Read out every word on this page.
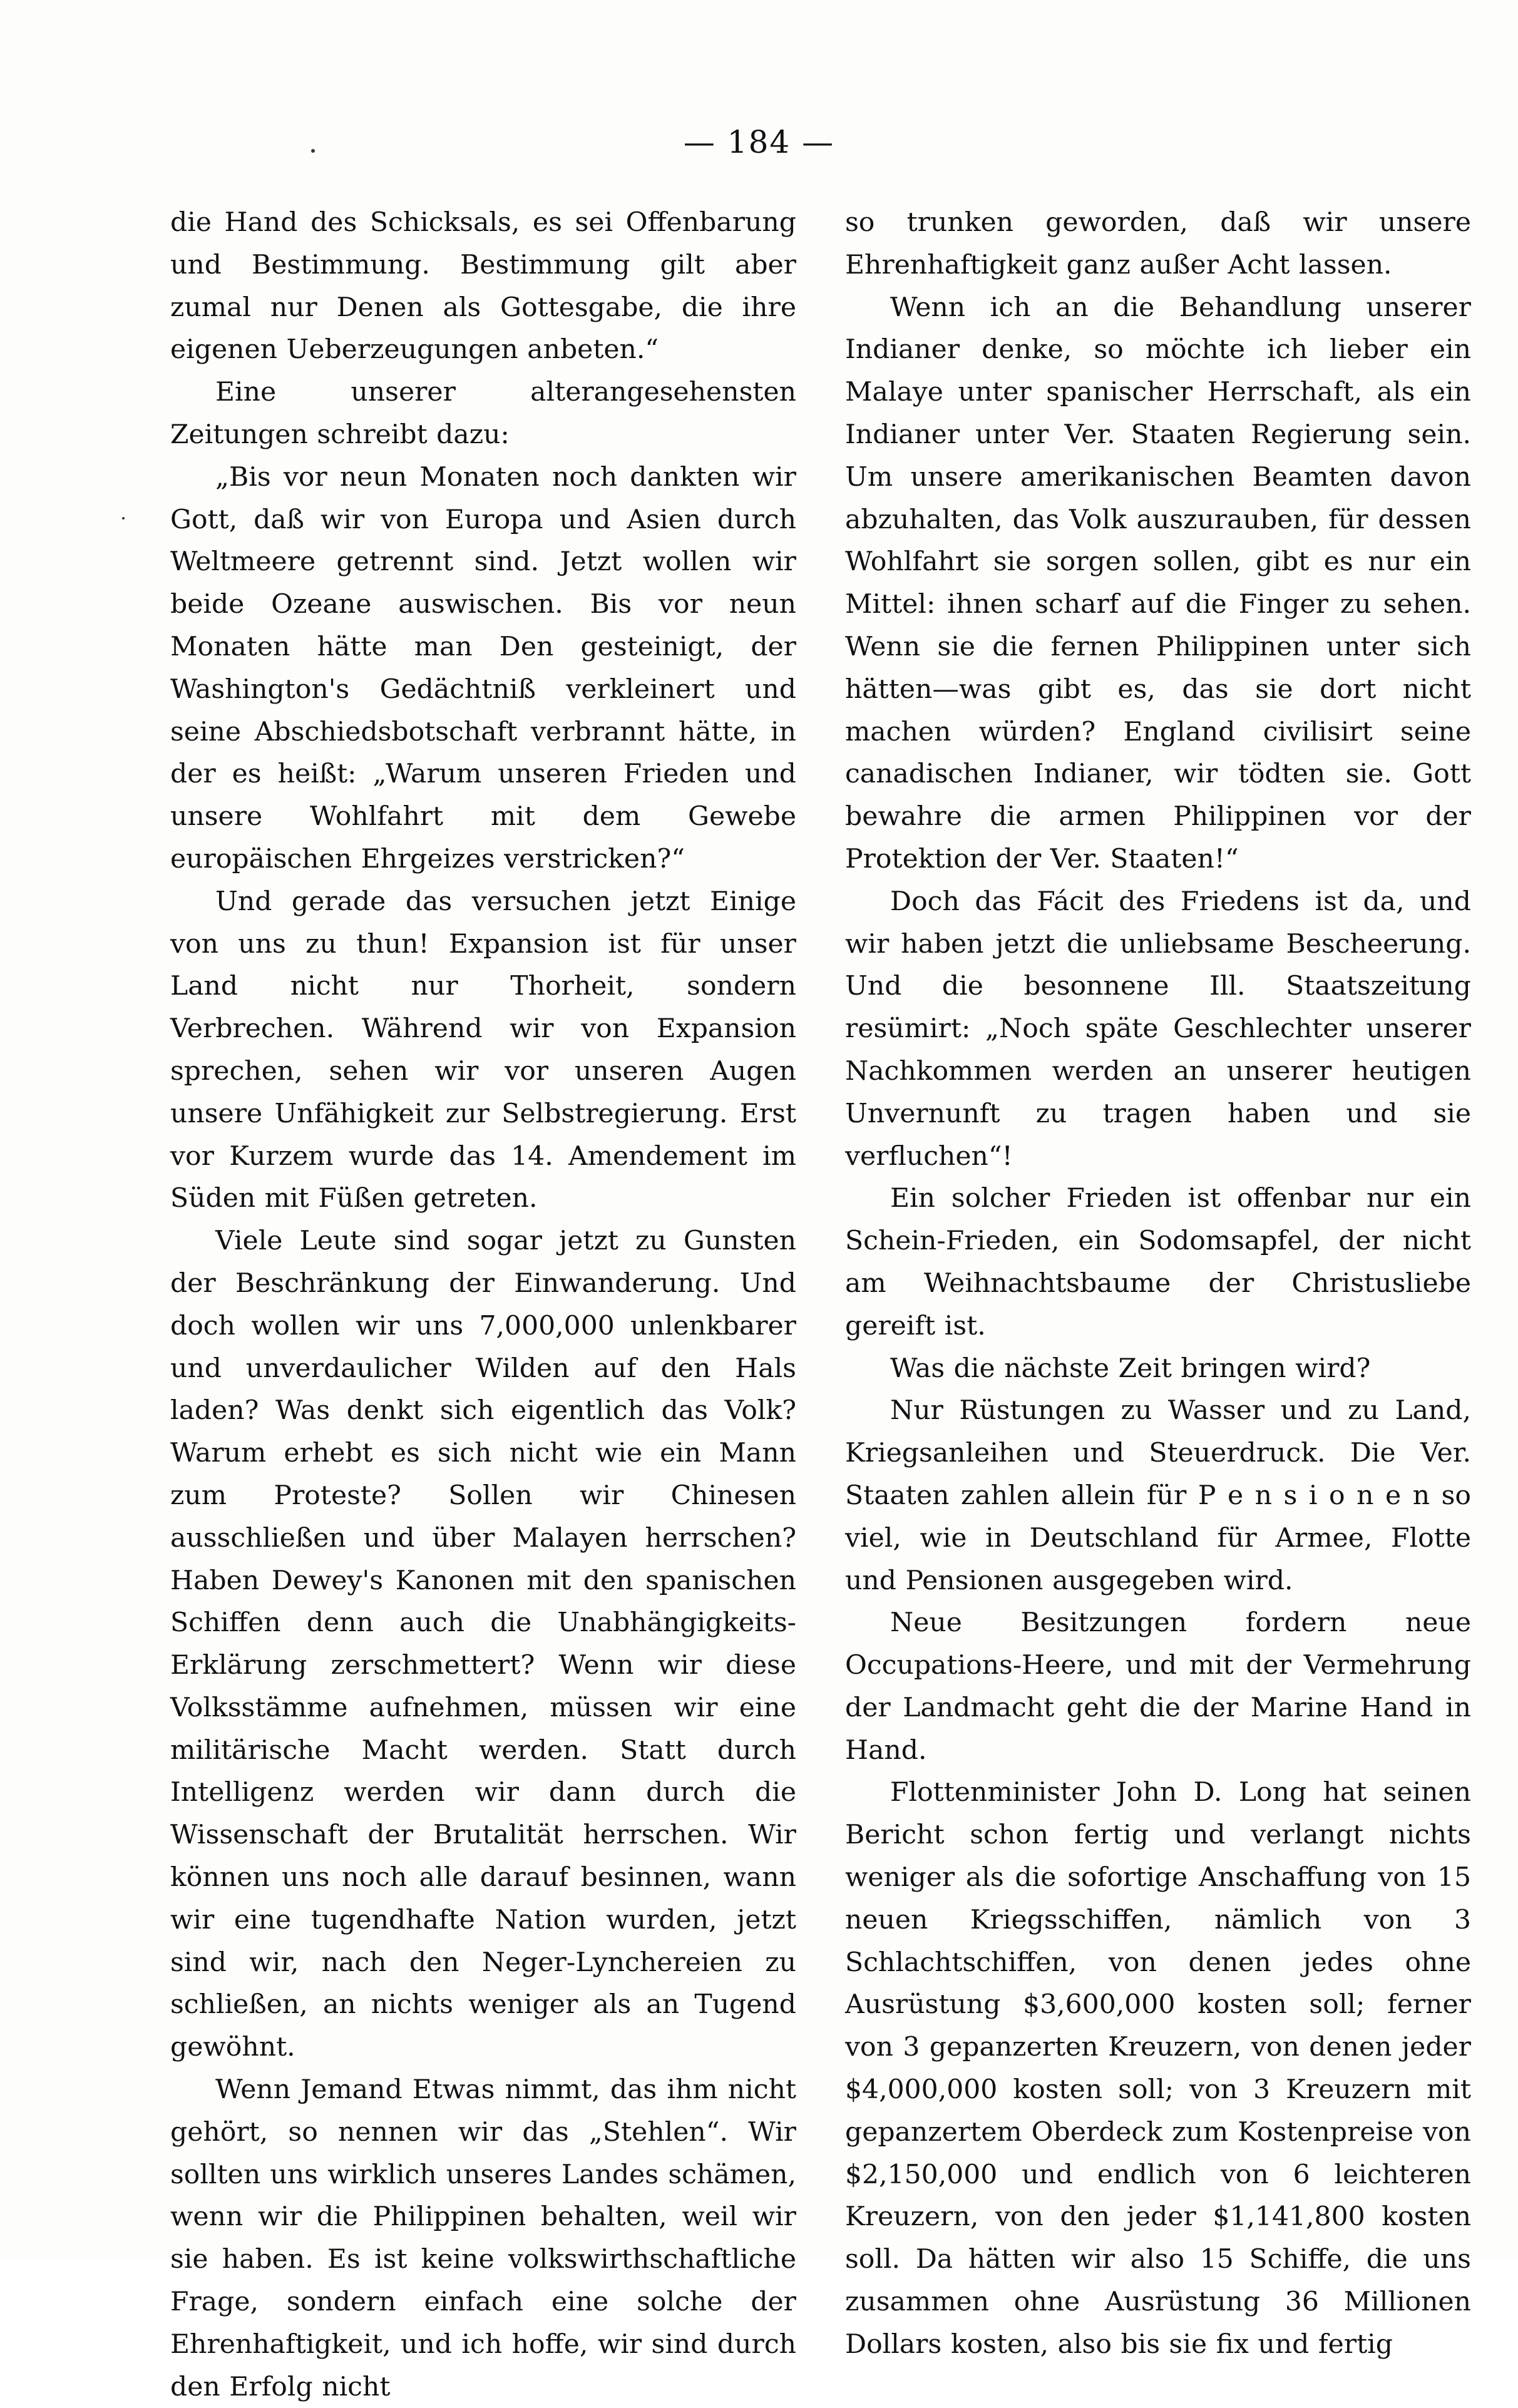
— 184 —

die Hand des Schicksals, es sei Offenbarung und Bestimmung. Bestimmung gilt aber zumal nur Denen als Gottesgabe, die ihre eigenen Ueberzeugungen anbeten.“

Eine unserer alterangesehensten Zeitungen schreibt dazu:

„Bis vor neun Monaten noch dankten wir Gott, daß wir von Europa und Asien durch Weltmeere getrennt sind. Jetzt wollen wir beide Ozeane auswischen. Bis vor neun Monaten hätte man Den gesteinigt, der Washington's Gedächtniß verkleinert und seine Abschiedsbotschaft verbrannt hätte, in der es heißt: „Warum unseren Frieden und unsere Wohlfahrt mit dem Gewebe europäischen Ehrgeizes verstricken?“

Und gerade das versuchen jetzt Einige von uns zu thun! Expansion ist für unser Land nicht nur Thorheit, sondern Verbrechen. Während wir von Expansion sprechen, sehen wir vor unseren Augen unsere Unfähigkeit zur Selbstregierung. Erst vor Kurzem wurde das 14. Amendement im Süden mit Füßen getreten.

Viele Leute sind sogar jetzt zu Gunsten der Beschränkung der Einwanderung. Und doch wollen wir uns 7,000,000 unlenkbarer und unverdaulicher Wilden auf den Hals laden? Was denkt sich eigentlich das Volk? Warum erhebt es sich nicht wie ein Mann zum Proteste? Sollen wir Chinesen ausschließen und über Malayen herrschen? Haben Dewey's Kanonen mit den spanischen Schiffen denn auch die Unabhängigkeits-Erklärung zerschmettert? Wenn wir diese Volksstämme aufnehmen, müssen wir eine militärische Macht werden. Statt durch Intelligenz werden wir dann durch die Wissenschaft der Brutalität herrschen. Wir können uns noch alle darauf besinnen, wann wir eine tugendhafte Nation wurden, jetzt sind wir, nach den Neger-Lynchereien zu schließen, an nichts weniger als an Tugend gewöhnt.

Wenn Jemand Etwas nimmt, das ihm nicht gehört, so nennen wir das „Stehlen“. Wir sollten uns wirklich unseres Landes schämen, wenn wir die Philippinen behalten, weil wir sie haben. Es ist keine volkswirthschaftliche Frage, sondern einfach eine solche der Ehrenhaftigkeit, und ich hoffe, wir sind durch den Erfolg nicht

so trunken geworden, daß wir unsere Ehrenhaftigkeit ganz außer Acht lassen.

Wenn ich an die Behandlung unserer Indianer denke, so möchte ich lieber ein Malaye unter spanischer Herrschaft, als ein Indianer unter Ver. Staaten Regierung sein. Um unsere amerikanischen Beamten davon abzuhalten, das Volk auszurauben, für dessen Wohlfahrt sie sorgen sollen, gibt es nur ein Mittel: ihnen scharf auf die Finger zu sehen. Wenn sie die fernen Philippinen unter sich hätten—was gibt es, das sie dort nicht machen würden? England civilisirt seine canadischen Indianer, wir tödten sie. Gott bewahre die armen Philippinen vor der Protektion der Ver. Staaten!“

Doch das Fácit des Friedens ist da, und wir haben jetzt die unliebsame Bescheerung. Und die besonnene Ill. Staatszeitung resümirt: „Noch späte Geschlechter unserer Nachkommen werden an unserer heutigen Unvernunft zu tragen haben und sie verfluchen“!

Ein solcher Frieden ist offenbar nur ein Schein-Frieden, ein Sodomsapfel, der nicht am Weihnachtsbaume der Christusliebe gereift ist.

Was die nächste Zeit bringen wird?

Nur Rüstungen zu Wasser und zu Land, Kriegsanleihen und Steuerdruck. Die Ver. Staaten zahlen allein für P e n s i o n e n so viel, wie in Deutschland für Armee, Flotte und Pensionen ausgegeben wird.

Neue Besitzungen fordern neue Occupations-Heere, und mit der Vermehrung der Landmacht geht die der Marine Hand in Hand.

Flottenminister John D. Long hat seinen Bericht schon fertig und verlangt nichts weniger als die sofortige Anschaffung von 15 neuen Kriegsschiffen, nämlich von 3 Schlachtschiffen, von denen jedes ohne Ausrüstung $3,600,000 kosten soll; ferner von 3 gepanzerten Kreuzern, von denen jeder $4,000,000 kosten soll; von 3 Kreuzern mit gepanzertem Oberdeck zum Kostenpreise von $2,150,000 und endlich von 6 leichteren Kreuzern, von den jeder $1,141,800 kosten soll. Da hätten wir also 15 Schiffe, die uns zusammen ohne Ausrüstung 36 Millionen Dollars kosten, also bis sie fix und fertig
